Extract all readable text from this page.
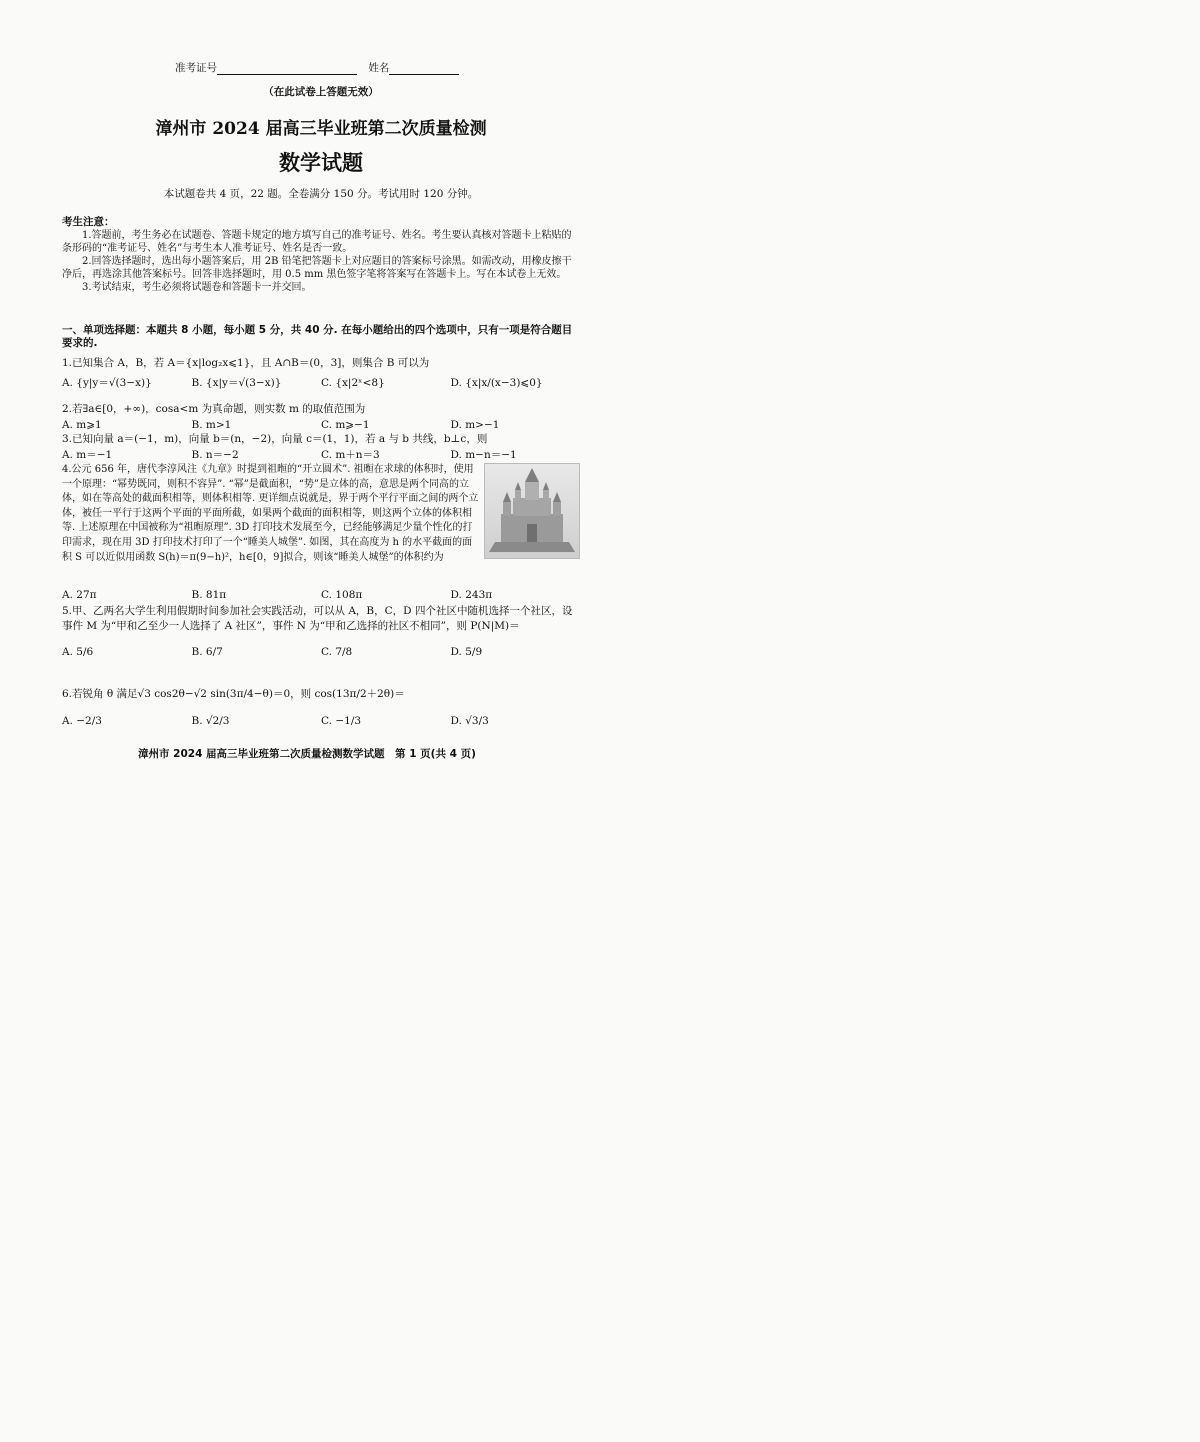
准考证号	姓名
（在此试卷上答题无效）
漳州市 2024 届高三毕业班第二次质量检测
数学试题
本试题卷共 4 页，22 题。全卷满分 150 分。考试用时 120 分钟。
考生注意：
1.答题前，考生务必在试题卷、答题卡规定的地方填写自己的准考证号、姓名。考生要认真核对答题卡上粘贴的条形码的“准考证号、姓名”与考生本人准考证号、姓名是否一致。
2.回答选择题时，选出每小题答案后，用 2B 铅笔把答题卡上对应题目的答案标号涂黑。如需改动，用橡皮擦干净后，再选涂其他答案标号。回答非选择题时，用 0.5 mm 黑色签字笔将答案写在答题卡上。写在本试卷上无效。
3.考试结束，考生必须将试题卷和答题卡一并交回。
一、单项选择题：本题共 8 小题，每小题 5 分，共 40 分. 在每小题给出的四个选项中，只有一项是符合题目要求的.
1.已知集合 A，B，若 A＝{x|log₂x⩽1}，且 A∩B＝(0，3]，则集合 B 可以为
A. {y|y＝√(3−x)}	B. {x|y＝√(3−x)}	C. {x|2ˣ<8}	D. {x|x/(x−3)⩽0}
2.若∃a∈[0，+∞)，cosa<m 为真命题，则实数 m 的取值范围为
A. m⩾1	B. m>1	C. m⩾−1	D. m>−1
3.已知向量 a＝(−1，m)，向量 b＝(n，−2)，向量 c＝(1，1)，若 a 与 b 共线，b⊥c，则
A. m＝−1	B. n＝−2	C. m＋n＝3	D. m−n＝−1
4.公元 656 年，唐代李淳风注《九章》时提到祖暅的“开立圆术”. 祖暅在求球的体积时，使用一个原理：“幂势既同，则积不容异”. “幂”是截面积，“势”是立体的高，意思是两个同高的立体，如在等高处的截面积相等，则体积相等. 更详细点说就是，界于两个平行平面之间的两个立体，被任一平行于这两个平面的平面所截，如果两个截面的面积相等，则这两个立体的体积相等. 上述原理在中国被称为“祖暅原理”. 3D 打印技术发展至今，已经能够满足少量个性化的打印需求，现在用 3D 打印技术打印了一个“睡美人城堡”. 如图，其在高度为 h 的水平截面的面积 S 可以近似用函数 S(h)＝π(9−h)²，h∈[0，9]拟合，则该“睡美人城堡”的体积约为
A. 27π	B. 81π	C. 108π	D. 243π
5.甲、乙两名大学生利用假期时间参加社会实践活动，可以从 A，B，C，D 四个社区中随机选择一个社区，设事件 M 为“甲和乙至少一人选择了 A 社区”，事件 N 为“甲和乙选择的社区不相同”，则 P(N|M)＝
A. 5/6	B. 6/7	C. 7/8	D. 5/9
6.若锐角 θ 满足√3 cos2θ−√2 sin(3π/4−θ)＝0，则 cos(13π/2＋2θ)＝
A. −2/3	B. √2/3	C. −1/3	D. √3/3
漳州市 2024 届高三毕业班第二次质量检测数学试题　第 1 页(共 4 页)
